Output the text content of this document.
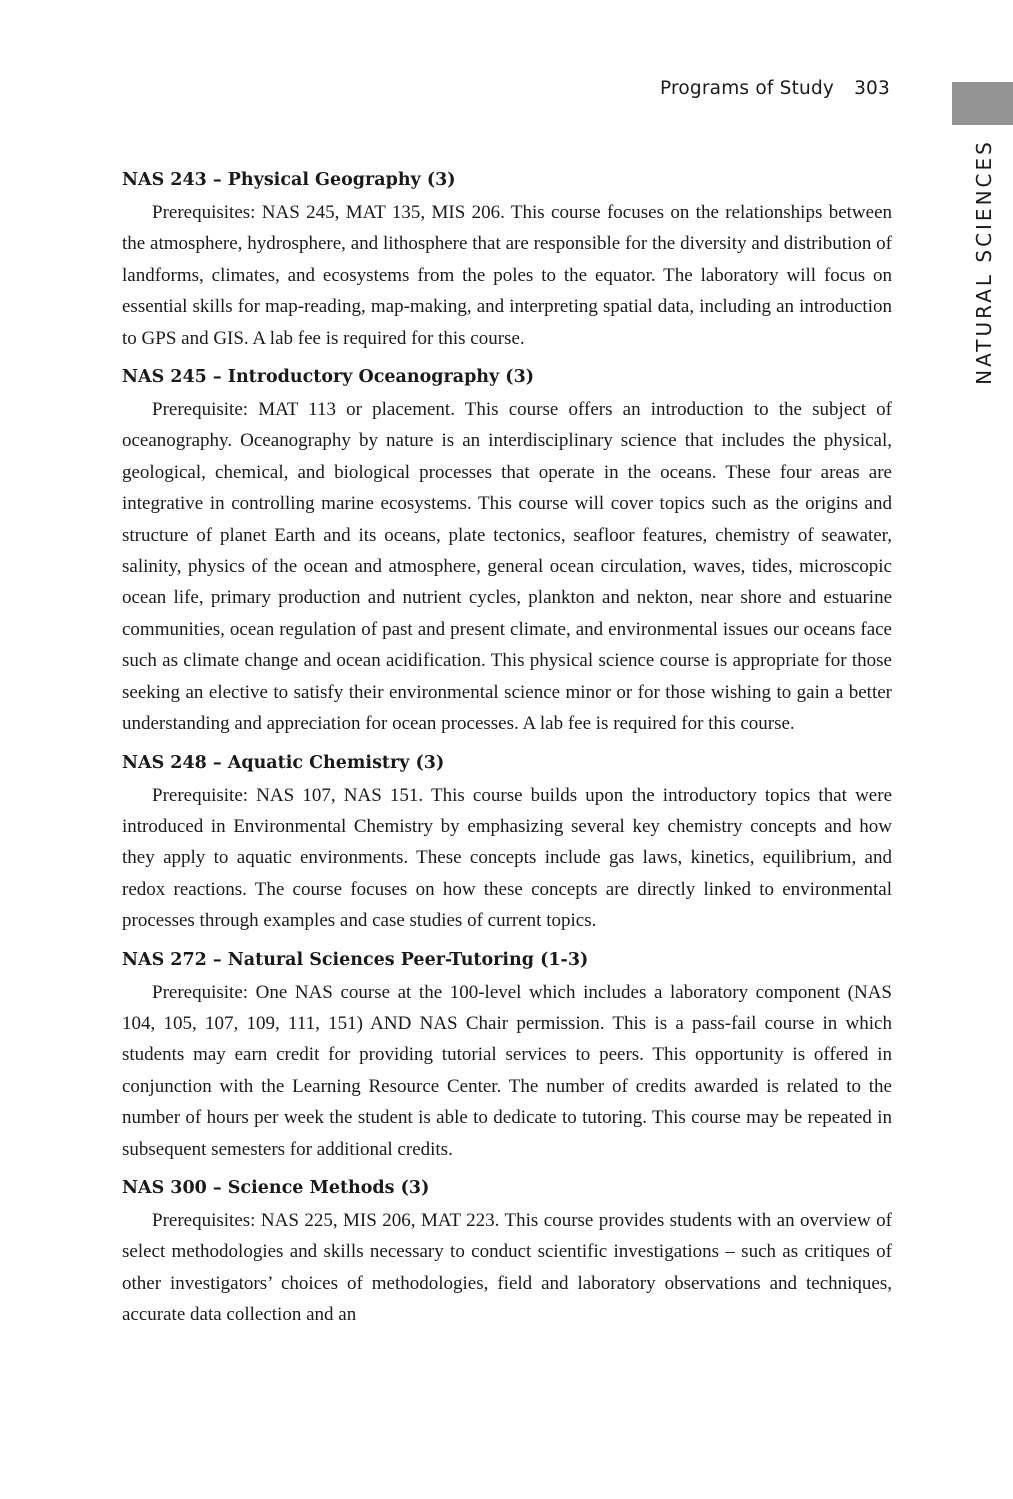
Programs of Study 303
NATURAL SCIENCES

NAS 243 – Physical Geography (3)

Prerequisites: NAS 245, MAT 135, MIS 206. This course focuses on the relationships between the atmosphere, hydrosphere, and lithosphere that are responsible for the diversity and distribution of landforms, climates, and ecosystems from the poles to the equator. The laboratory will focus on essential skills for map-reading, map-making, and interpreting spatial data, including an introduction to GPS and GIS. A lab fee is required for this course.

NAS 245 – Introductory Oceanography (3)

Prerequisite: MAT 113 or placement. This course offers an introduction to the subject of oceanography. Oceanography by nature is an interdisciplinary science that includes the physical, geological, chemical, and biological processes that operate in the oceans. These four areas are integrative in controlling marine ecosystems. This course will cover topics such as the origins and structure of planet Earth and its oceans, plate tectonics, seafloor features, chemistry of seawater, salinity, physics of the ocean and atmosphere, general ocean circulation, waves, tides, microscopic ocean life, primary production and nutrient cycles, plankton and nekton, near shore and estuarine communities, ocean regulation of past and present climate, and environmental issues our oceans face such as climate change and ocean acidification. This physical science course is appropriate for those seeking an elective to satisfy their environmental science minor or for those wishing to gain a better understanding and appreciation for ocean processes. A lab fee is required for this course.

NAS 248 – Aquatic Chemistry (3)

Prerequisite: NAS 107, NAS 151. This course builds upon the introductory topics that were introduced in Environmental Chemistry by emphasizing several key chemistry concepts and how they apply to aquatic environments. These concepts include gas laws, kinetics, equilibrium, and redox reactions. The course focuses on how these concepts are directly linked to environmental processes through examples and case studies of current topics.

NAS 272 – Natural Sciences Peer-Tutoring (1-3)

Prerequisite: One NAS course at the 100-level which includes a laboratory component (NAS 104, 105, 107, 109, 111, 151) AND NAS Chair permission. This is a pass-fail course in which students may earn credit for providing tutorial services to peers. This opportunity is offered in conjunction with the Learning Resource Center. The number of credits awarded is related to the number of hours per week the student is able to dedicate to tutoring. This course may be repeated in subsequent semesters for additional credits.

NAS 300 – Science Methods (3)

Prerequisites: NAS 225, MIS 206, MAT 223. This course provides students with an overview of select methodologies and skills necessary to conduct scientific investigations – such as critiques of other investigators’ choices of methodologies, field and laboratory observations and techniques, accurate data collection and an
